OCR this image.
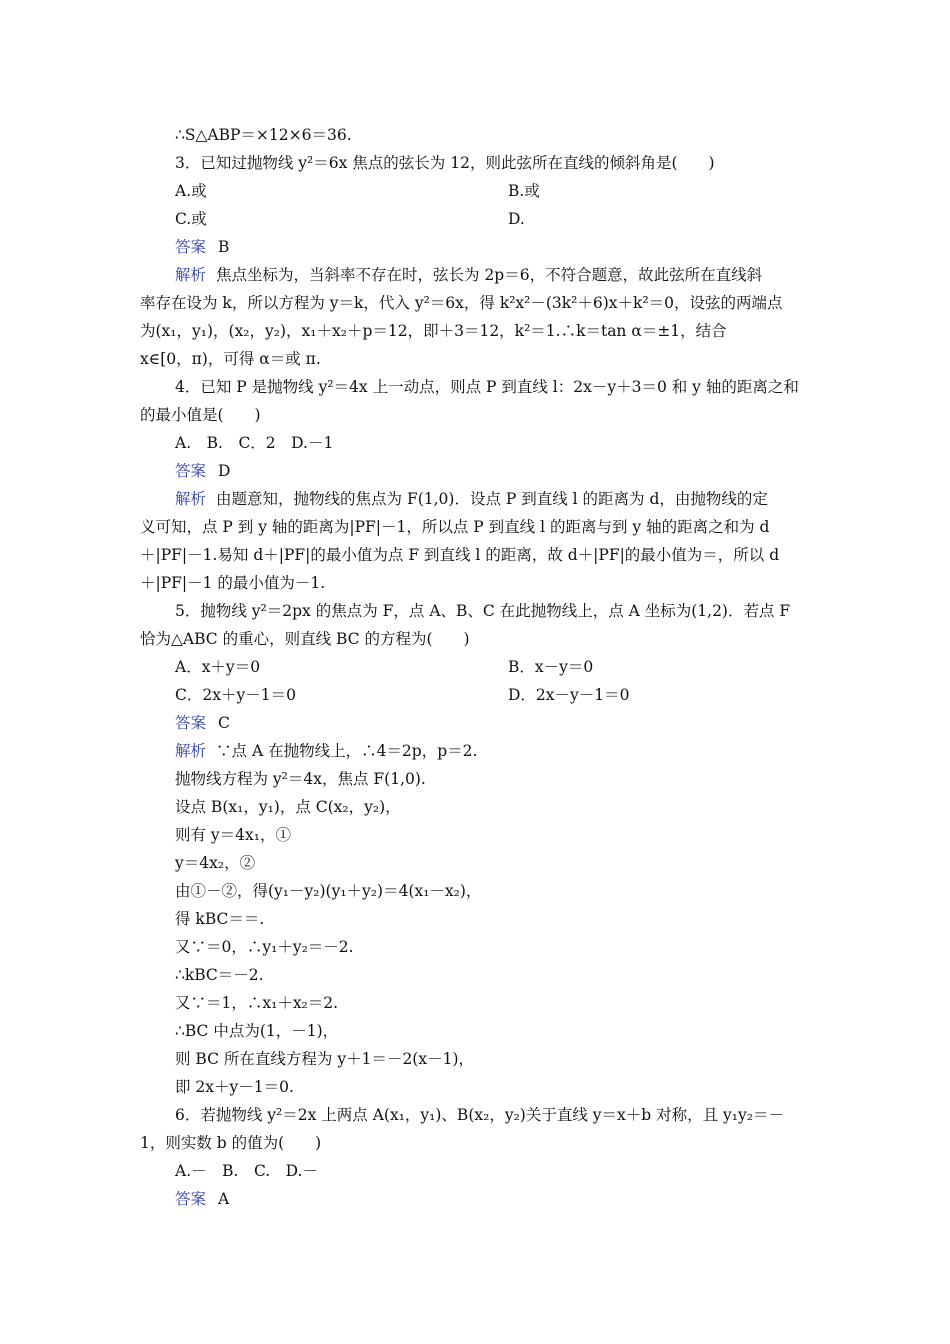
∴S△ABP＝×12×6＝36.
3．已知过抛物线 y²＝6x 焦点的弦长为 12，则此弦所在直线的倾斜角是(　　)
A.或	B.或
C.或	D.
答案 B
解析 焦点坐标为，当斜率不存在时，弦长为 2p＝6，不符合题意，故此弦所在直线斜
率存在设为 k，所以方程为 y＝k，代入 y²＝6x，得 k²x²－(3k²＋6)x＋k²＝0，设弦的两端点
为(x₁，y₁)，(x₂，y₂)，x₁＋x₂＋p＝12，即＋3＝12，k²＝1.∴k＝tan α＝±1，结合
x∈[0，π)，可得 α＝或 π.
4．已知 P 是抛物线 y²＝4x 上一动点，则点 P 到直线 l：2x－y＋3＝0 和 y 轴的距离之和
的最小值是(　　)
A.　B.　C．2　D.－1
答案 D
解析 由题意知，抛物线的焦点为 F(1,0)．设点 P 到直线 l 的距离为 d，由抛物线的定
义可知，点 P 到 y 轴的距离为|PF|－1，所以点 P 到直线 l 的距离与到 y 轴的距离之和为 d
＋|PF|－1.易知 d＋|PF|的最小值为点 F 到直线 l 的距离，故 d＋|PF|的最小值为＝，所以 d
＋|PF|－1 的最小值为－1.
5．抛物线 y²＝2px 的焦点为 F，点 A、B、C 在此抛物线上，点 A 坐标为(1,2)．若点 F
恰为△ABC 的重心，则直线 BC 的方程为(　　)
A．x＋y＝0	B．x－y＝0
C．2x＋y－1＝0	D．2x－y－1＝0
答案 C
解析 ∵点 A 在抛物线上，∴4＝2p，p＝2.
抛物线方程为 y²＝4x，焦点 F(1,0).
设点 B(x₁，y₁)，点 C(x₂，y₂)，
则有 y＝4x₁，①
y＝4x₂，②
由①－②，得(y₁－y₂)(y₁＋y₂)＝4(x₁－x₂)，
得 kBC＝＝.
又∵＝0，∴y₁＋y₂＝－2.
∴kBC＝－2.
又∵＝1，∴x₁＋x₂＝2.
∴BC 中点为(1，－1)，
则 BC 所在直线方程为 y＋1＝－2(x－1)，
即 2x＋y－1＝0.
6．若抛物线 y²＝2x 上两点 A(x₁，y₁)、B(x₂，y₂)关于直线 y＝x＋b 对称，且 y₁y₂＝－
1，则实数 b 的值为(　　)
A.－　B.　C.　D.－
答案 A
